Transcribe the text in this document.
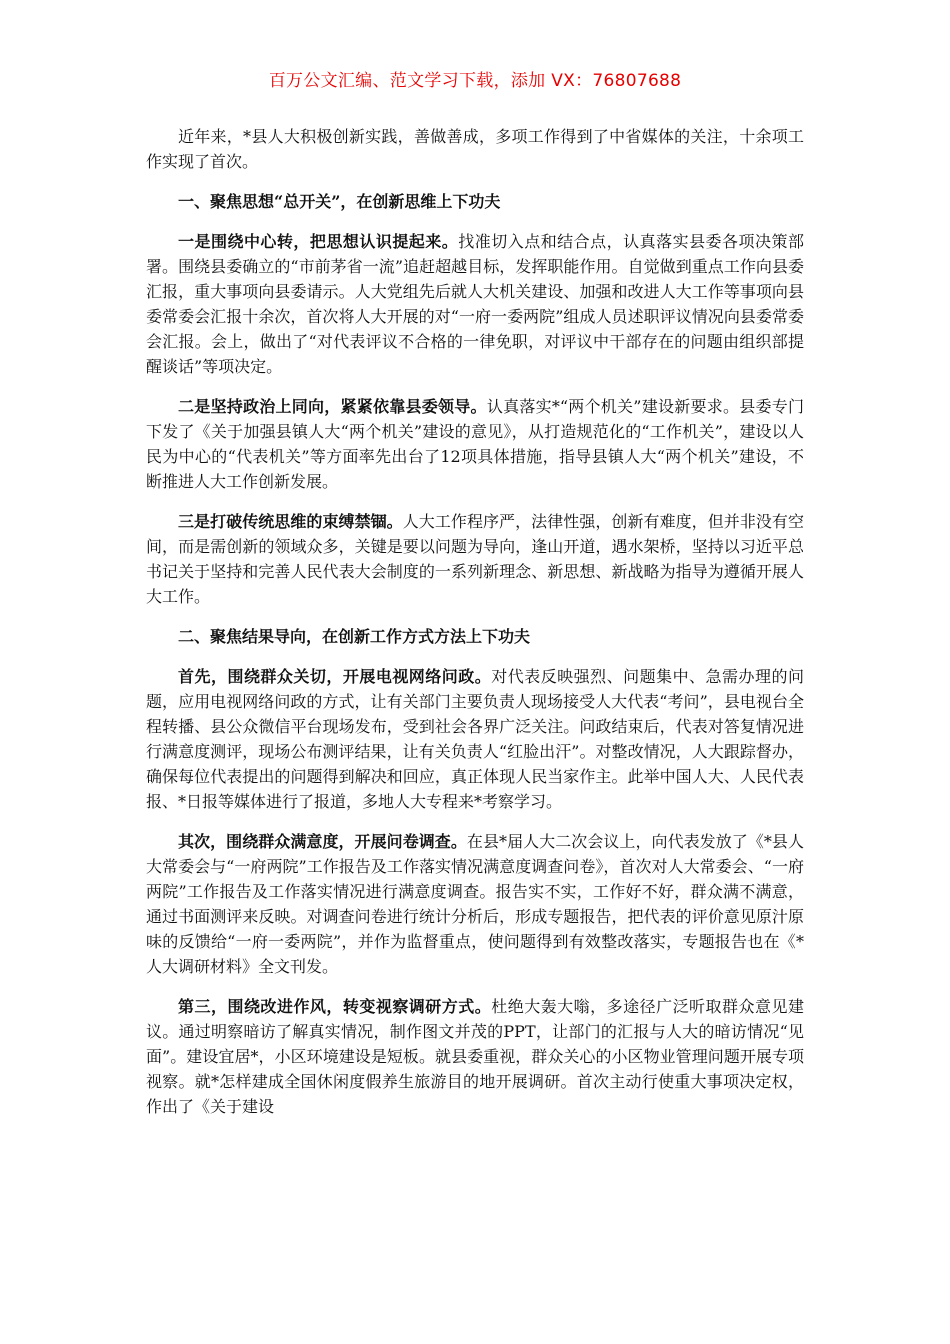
百万公文汇编、范文学习下载，添加 VX：76807688

近年来，*县人大积极创新实践，善做善成，多项工作得到了中省媒体的关注，十余项工作实现了首次。

一、聚焦思想“总开关”，在创新思维上下功夫

一是围绕中心转，把思想认识提起来。找准切入点和结合点，认真落实县委各项决策部署。围绕县委确立的“市前茅省一流”追赶超越目标，发挥职能作用。自觉做到重点工作向县委汇报，重大事项向县委请示。人大党组先后就人大机关建设、加强和改进人大工作等事项向县委常委会汇报十余次，首次将人大开展的对“一府一委两院”组成人员述职评议情况向县委常委会汇报。会上，做出了“对代表评议不合格的一律免职，对评议中干部存在的问题由组织部提醒谈话”等项决定。

二是坚持政治上同向，紧紧依靠县委领导。认真落实*“两个机关”建设新要求。县委专门下发了《关于加强县镇人大“两个机关”建设的意见》，从打造规范化的“工作机关”，建设以人民为中心的“代表机关”等方面率先出台了12项具体措施，指导县镇人大“两个机关”建设，不断推进人大工作创新发展。

三是打破传统思维的束缚禁锢。人大工作程序严，法律性强，创新有难度，但并非没有空间，而是需创新的领域众多，关键是要以问题为导向，逢山开道，遇水架桥，坚持以习近平总书记关于坚持和完善人民代表大会制度的一系列新理念、新思想、新战略为指导为遵循开展人大工作。

二、聚焦结果导向，在创新工作方式方法上下功夫

首先，围绕群众关切，开展电视网络问政。对代表反映强烈、问题集中、急需办理的问题，应用电视网络问政的方式，让有关部门主要负责人现场接受人大代表“考问”，县电视台全程转播、县公众微信平台现场发布，受到社会各界广泛关注。问政结束后，代表对答复情况进行满意度测评，现场公布测评结果，让有关负责人“红脸出汗”。对整改情况，人大跟踪督办，确保每位代表提出的问题得到解决和回应，真正体现人民当家作主。此举中国人大、人民代表报、*日报等媒体进行了报道，多地人大专程来*考察学习。

其次，围绕群众满意度，开展问卷调查。在县*届人大二次会议上，向代表发放了《*县人大常委会与“一府两院”工作报告及工作落实情况满意度调查问卷》，首次对人大常委会、“一府两院”工作报告及工作落实情况进行满意度调查。报告实不实，工作好不好，群众满不满意，通过书面测评来反映。对调查问卷进行统计分析后，形成专题报告，把代表的评价意见原汁原味的反馈给“一府一委两院”，并作为监督重点，使问题得到有效整改落实，专题报告也在《*人大调研材料》全文刊发。

第三，围绕改进作风，转变视察调研方式。杜绝大轰大嗡，多途径广泛听取群众意见建议。通过明察暗访了解真实情况，制作图文并茂的PPT，让部门的汇报与人大的暗访情况“见面”。建设宜居*，小区环境建设是短板。就县委重视，群众关心的小区物业管理问题开展专项视察。就*怎样建成全国休闲度假养生旅游目的地开展调研。首次主动行使重大事项决定权，作出了《关于建设
